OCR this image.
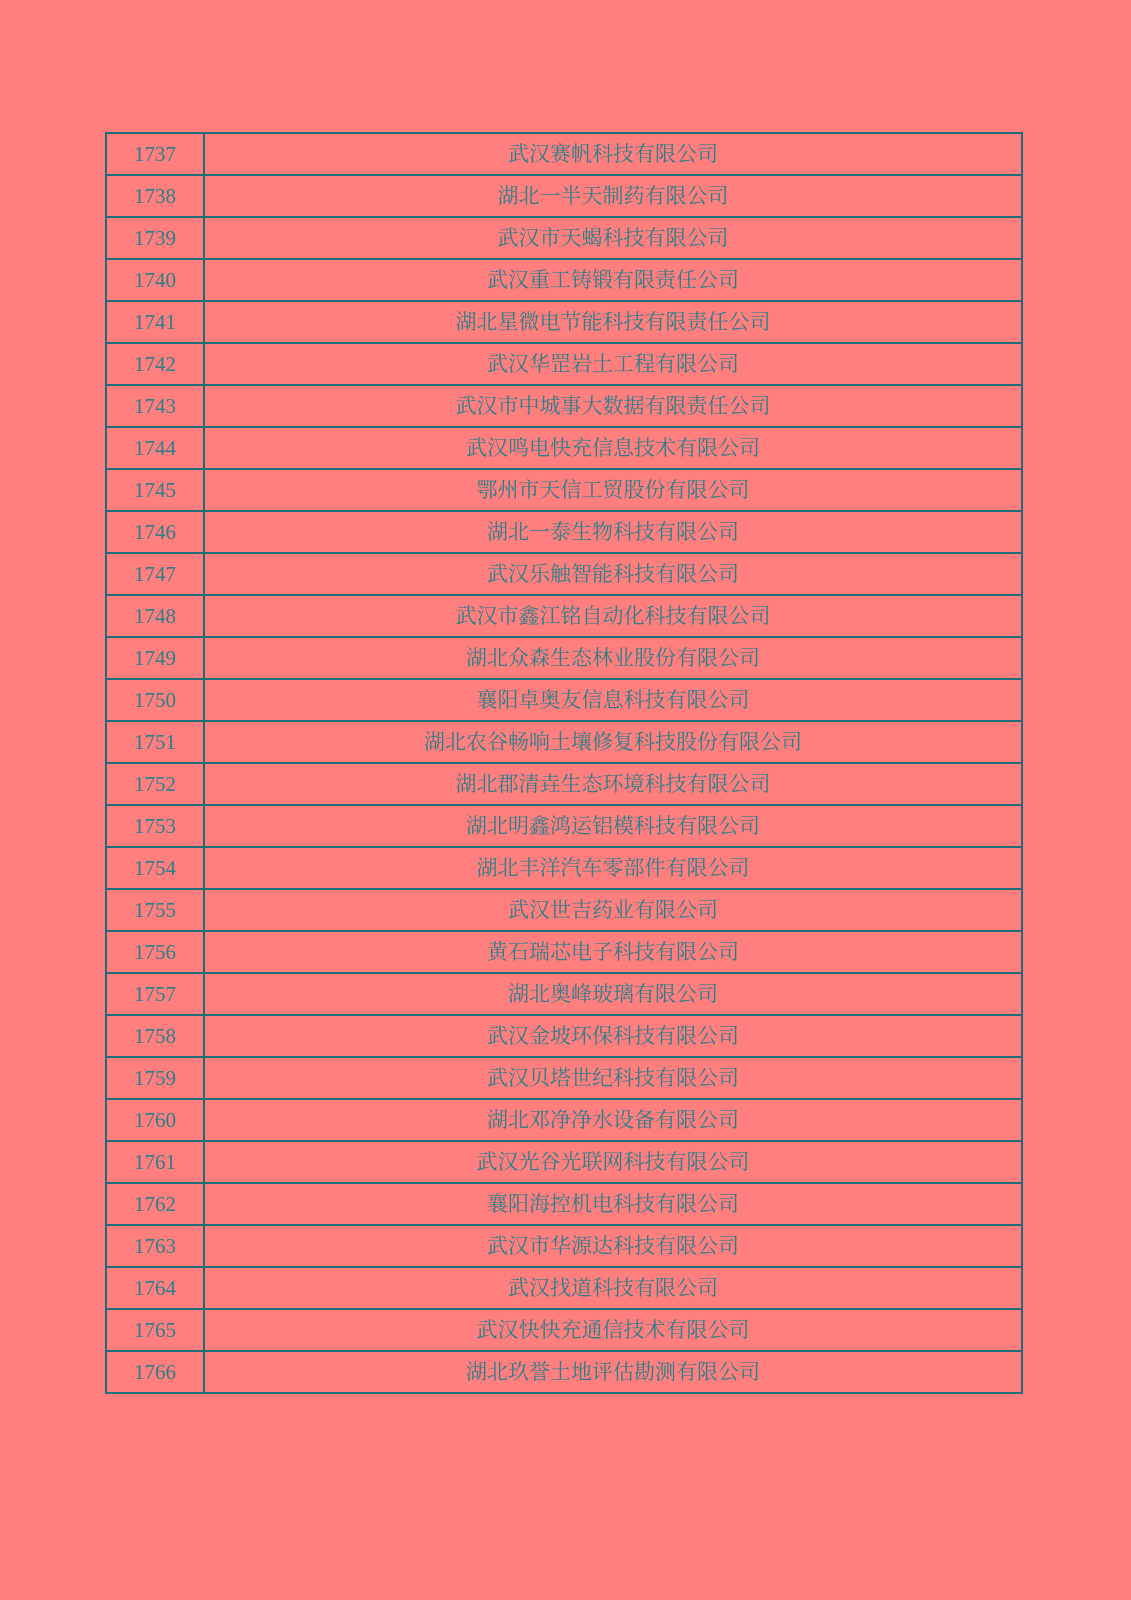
1737	武汉赛帆科技有限公司
1738	湖北一半天制药有限公司
1739	武汉市天蝎科技有限公司
1740	武汉重工铸锻有限责任公司
1741	湖北星微电节能科技有限责任公司
1742	武汉华罡岩土工程有限公司
1743	武汉市中城事大数据有限责任公司
1744	武汉鸣电快充信息技术有限公司
1745	鄂州市天信工贸股份有限公司
1746	湖北一泰生物科技有限公司
1747	武汉乐触智能科技有限公司
1748	武汉市鑫江铭自动化科技有限公司
1749	湖北众森生态林业股份有限公司
1750	襄阳卓奥友信息科技有限公司
1751	湖北农谷畅响土壤修复科技股份有限公司
1752	湖北郡清垚生态环境科技有限公司
1753	湖北明鑫鸿运铝模科技有限公司
1754	湖北丰洋汽车零部件有限公司
1755	武汉世吉药业有限公司
1756	黄石瑞芯电子科技有限公司
1757	湖北奥峰玻璃有限公司
1758	武汉金坡环保科技有限公司
1759	武汉贝塔世纪科技有限公司
1760	湖北邓净净水设备有限公司
1761	武汉光谷光联网科技有限公司
1762	襄阳海控机电科技有限公司
1763	武汉市华源达科技有限公司
1764	武汉找道科技有限公司
1765	武汉快快充通信技术有限公司
1766	湖北玖誉土地评估勘测有限公司
